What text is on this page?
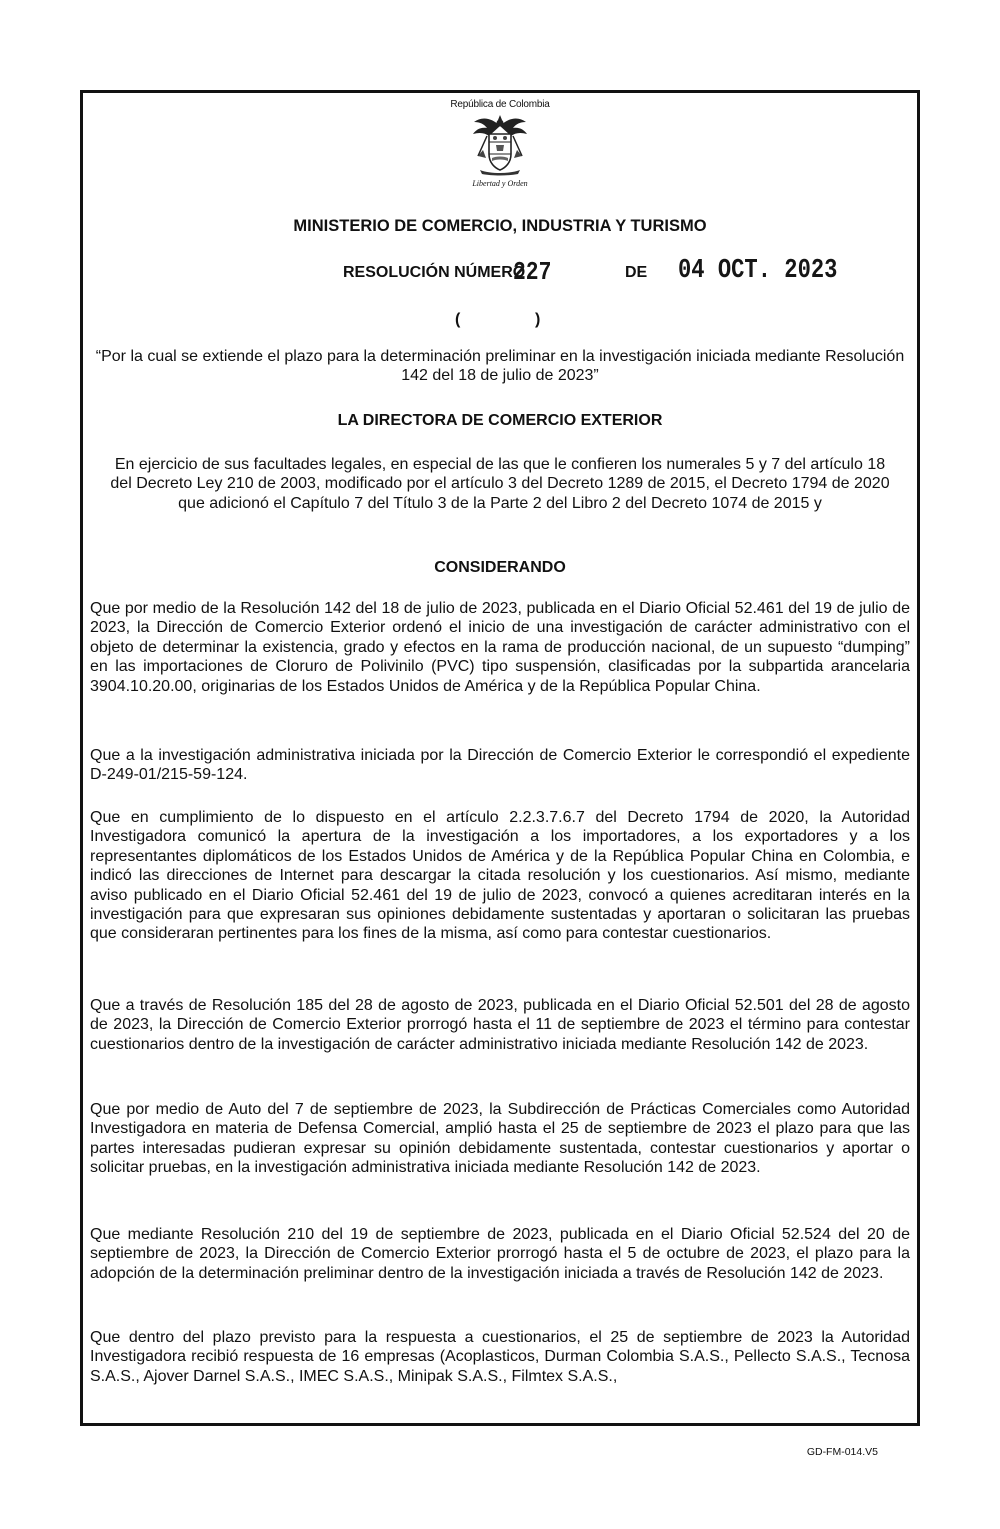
República de Colombia
Libertad y Orden
MINISTERIO DE COMERCIO, INDUSTRIA Y TURISMO
RESOLUCIÓN NÚMERO
227	DE 04 OCT. 2023
(	)
“Por la cual se extiende el plazo para la determinación preliminar en la investigación iniciada mediante Resolución 142 del 18 de julio de 2023”
LA DIRECTORA DE COMERCIO EXTERIOR
En ejercicio de sus facultades legales, en especial de las que le confieren los numerales 5 y 7 del artículo 18 del Decreto Ley 210 de 2003, modificado por el artículo 3 del Decreto 1289 de 2015, el Decreto 1794 de 2020 que adicionó el Capítulo 7 del Título 3 de la Parte 2 del Libro 2 del Decreto 1074 de 2015 y
CONSIDERANDO
Que por medio de la Resolución 142 del 18 de julio de 2023, publicada en el Diario Oficial 52.461 del 19 de julio de 2023, la Dirección de Comercio Exterior ordenó el inicio de una investigación de carácter administrativo con el objeto de determinar la existencia, grado y efectos en la rama de producción nacional, de un supuesto “dumping” en las importaciones de Cloruro de Polivinilo (PVC) tipo suspensión, clasificadas por la subpartida arancelaria 3904.10.20.00, originarias de los Estados Unidos de América y de la República Popular China.
Que a la investigación administrativa iniciada por la Dirección de Comercio Exterior le correspondió el expediente D-249-01/215-59-124.
Que en cumplimiento de lo dispuesto en el artículo 2.2.3.7.6.7 del Decreto 1794 de 2020, la Autoridad Investigadora comunicó la apertura de la investigación a los importadores, a los exportadores y a los representantes diplomáticos de los Estados Unidos de América y de la República Popular China en Colombia, e indicó las direcciones de Internet para descargar la citada resolución y los cuestionarios. Así mismo, mediante aviso publicado en el Diario Oficial 52.461 del 19 de julio de 2023, convocó a quienes acreditaran interés en la investigación para que expresaran sus opiniones debidamente sustentadas y aportaran o solicitaran las pruebas que consideraran pertinentes para los fines de la misma, así como para contestar cuestionarios.
Que a través de Resolución 185 del 28 de agosto de 2023, publicada en el Diario Oficial 52.501 del 28 de agosto de 2023, la Dirección de Comercio Exterior prorrogó hasta el 11 de septiembre de 2023 el término para contestar cuestionarios dentro de la investigación de carácter administrativo iniciada mediante Resolución 142 de 2023.
Que por medio de Auto del 7 de septiembre de 2023, la Subdirección de Prácticas Comerciales como Autoridad Investigadora en materia de Defensa Comercial, amplió hasta el 25 de septiembre de 2023 el plazo para que las partes interesadas pudieran expresar su opinión debidamente sustentada, contestar cuestionarios y aportar o solicitar pruebas, en la investigación administrativa iniciada mediante Resolución 142 de 2023.
Que mediante Resolución 210 del 19 de septiembre de 2023, publicada en el Diario Oficial 52.524 del 20 de septiembre de 2023, la Dirección de Comercio Exterior prorrogó hasta el 5 de octubre de 2023, el plazo para la adopción de la determinación preliminar dentro de la investigación iniciada a través de Resolución 142 de 2023.
Que dentro del plazo previsto para la respuesta a cuestionarios, el 25 de septiembre de 2023 la Autoridad Investigadora recibió respuesta de 16 empresas (Acoplasticos, Durman Colombia S.A.S., Pellecto S.A.S., Tecnosa S.A.S., Ajover Darnel S.A.S., IMEC S.A.S., Minipak S.A.S., Filmtex S.A.S.,
GD-FM-014.V5
